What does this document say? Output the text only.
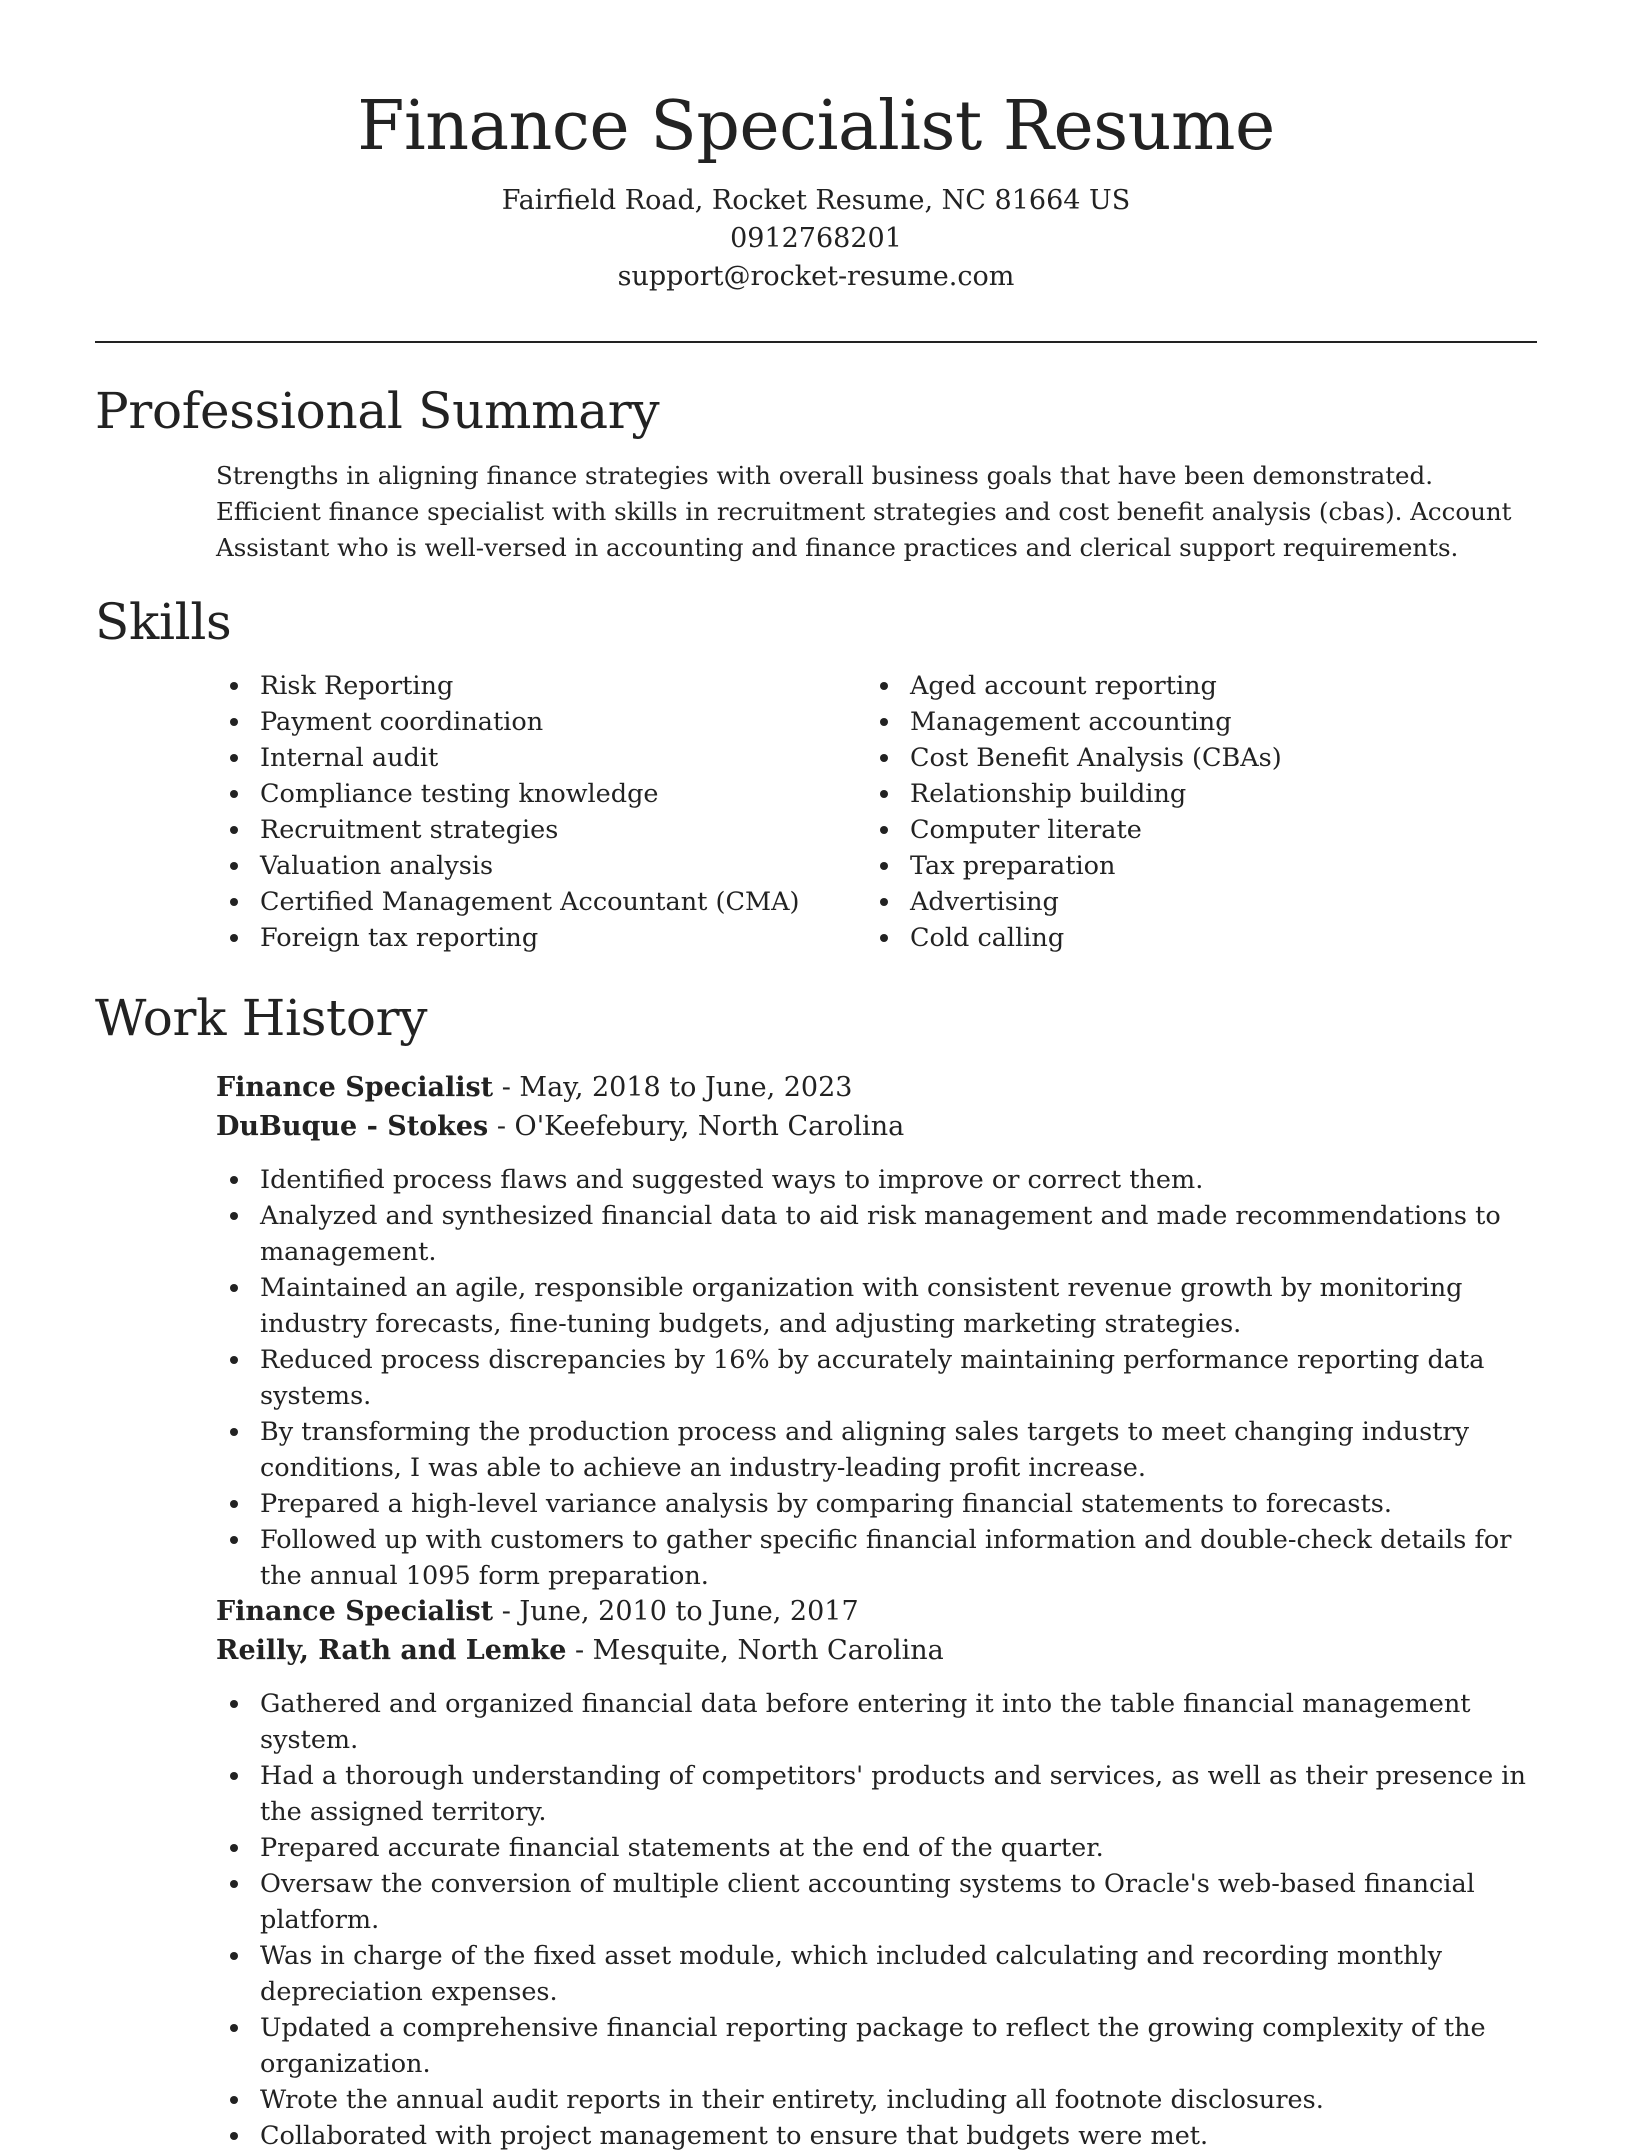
Finance Specialist Resume
Fairfield Road, Rocket Resume, NC 81664 US
0912768201
support@rocket-resume.com
Professional Summary

Strengths in aligning finance strategies with overall business goals that have been demonstrated. Efficient finance specialist with skills in recruitment strategies and cost benefit analysis (cbas). Account Assistant who is well-versed in accounting and finance practices and clerical support requirements.

Skills
Risk Reporting
Payment coordination
Internal audit
Compliance testing knowledge
Recruitment strategies
Valuation analysis
Certified Management Accountant (CMA)
Foreign tax reporting
Aged account reporting
Management accounting
Cost Benefit Analysis (CBAs)
Relationship building
Computer literate
Tax preparation
Advertising
Cold calling
Work History
Finance Specialist - May, 2018 to June, 2023
DuBuque - Stokes - O'Keefebury, North Carolina
Identified process flaws and suggested ways to improve or correct them.
Analyzed and synthesized financial data to aid risk management and made recommendations to management.
Maintained an agile, responsible organization with consistent revenue growth by monitoring industry forecasts, fine-tuning budgets, and adjusting marketing strategies.
Reduced process discrepancies by 16% by accurately maintaining performance reporting data systems.
By transforming the production process and aligning sales targets to meet changing industry conditions, I was able to achieve an industry-leading profit increase.
Prepared a high-level variance analysis by comparing financial statements to forecasts.
Followed up with customers to gather specific financial information and double-check details for the annual 1095 form preparation.
Finance Specialist - June, 2010 to June, 2017
Reilly, Rath and Lemke - Mesquite, North Carolina
Gathered and organized financial data before entering it into the table financial management system.
Had a thorough understanding of competitors' products and services, as well as their presence in the assigned territory.
Prepared accurate financial statements at the end of the quarter.
Oversaw the conversion of multiple client accounting systems to Oracle's web-based financial platform.
Was in charge of the fixed asset module, which included calculating and recording monthly depreciation expenses.
Updated a comprehensive financial reporting package to reflect the growing complexity of the organization.
Wrote the annual audit reports in their entirety, including all footnote disclosures.
Collaborated with project management to ensure that budgets were met.
